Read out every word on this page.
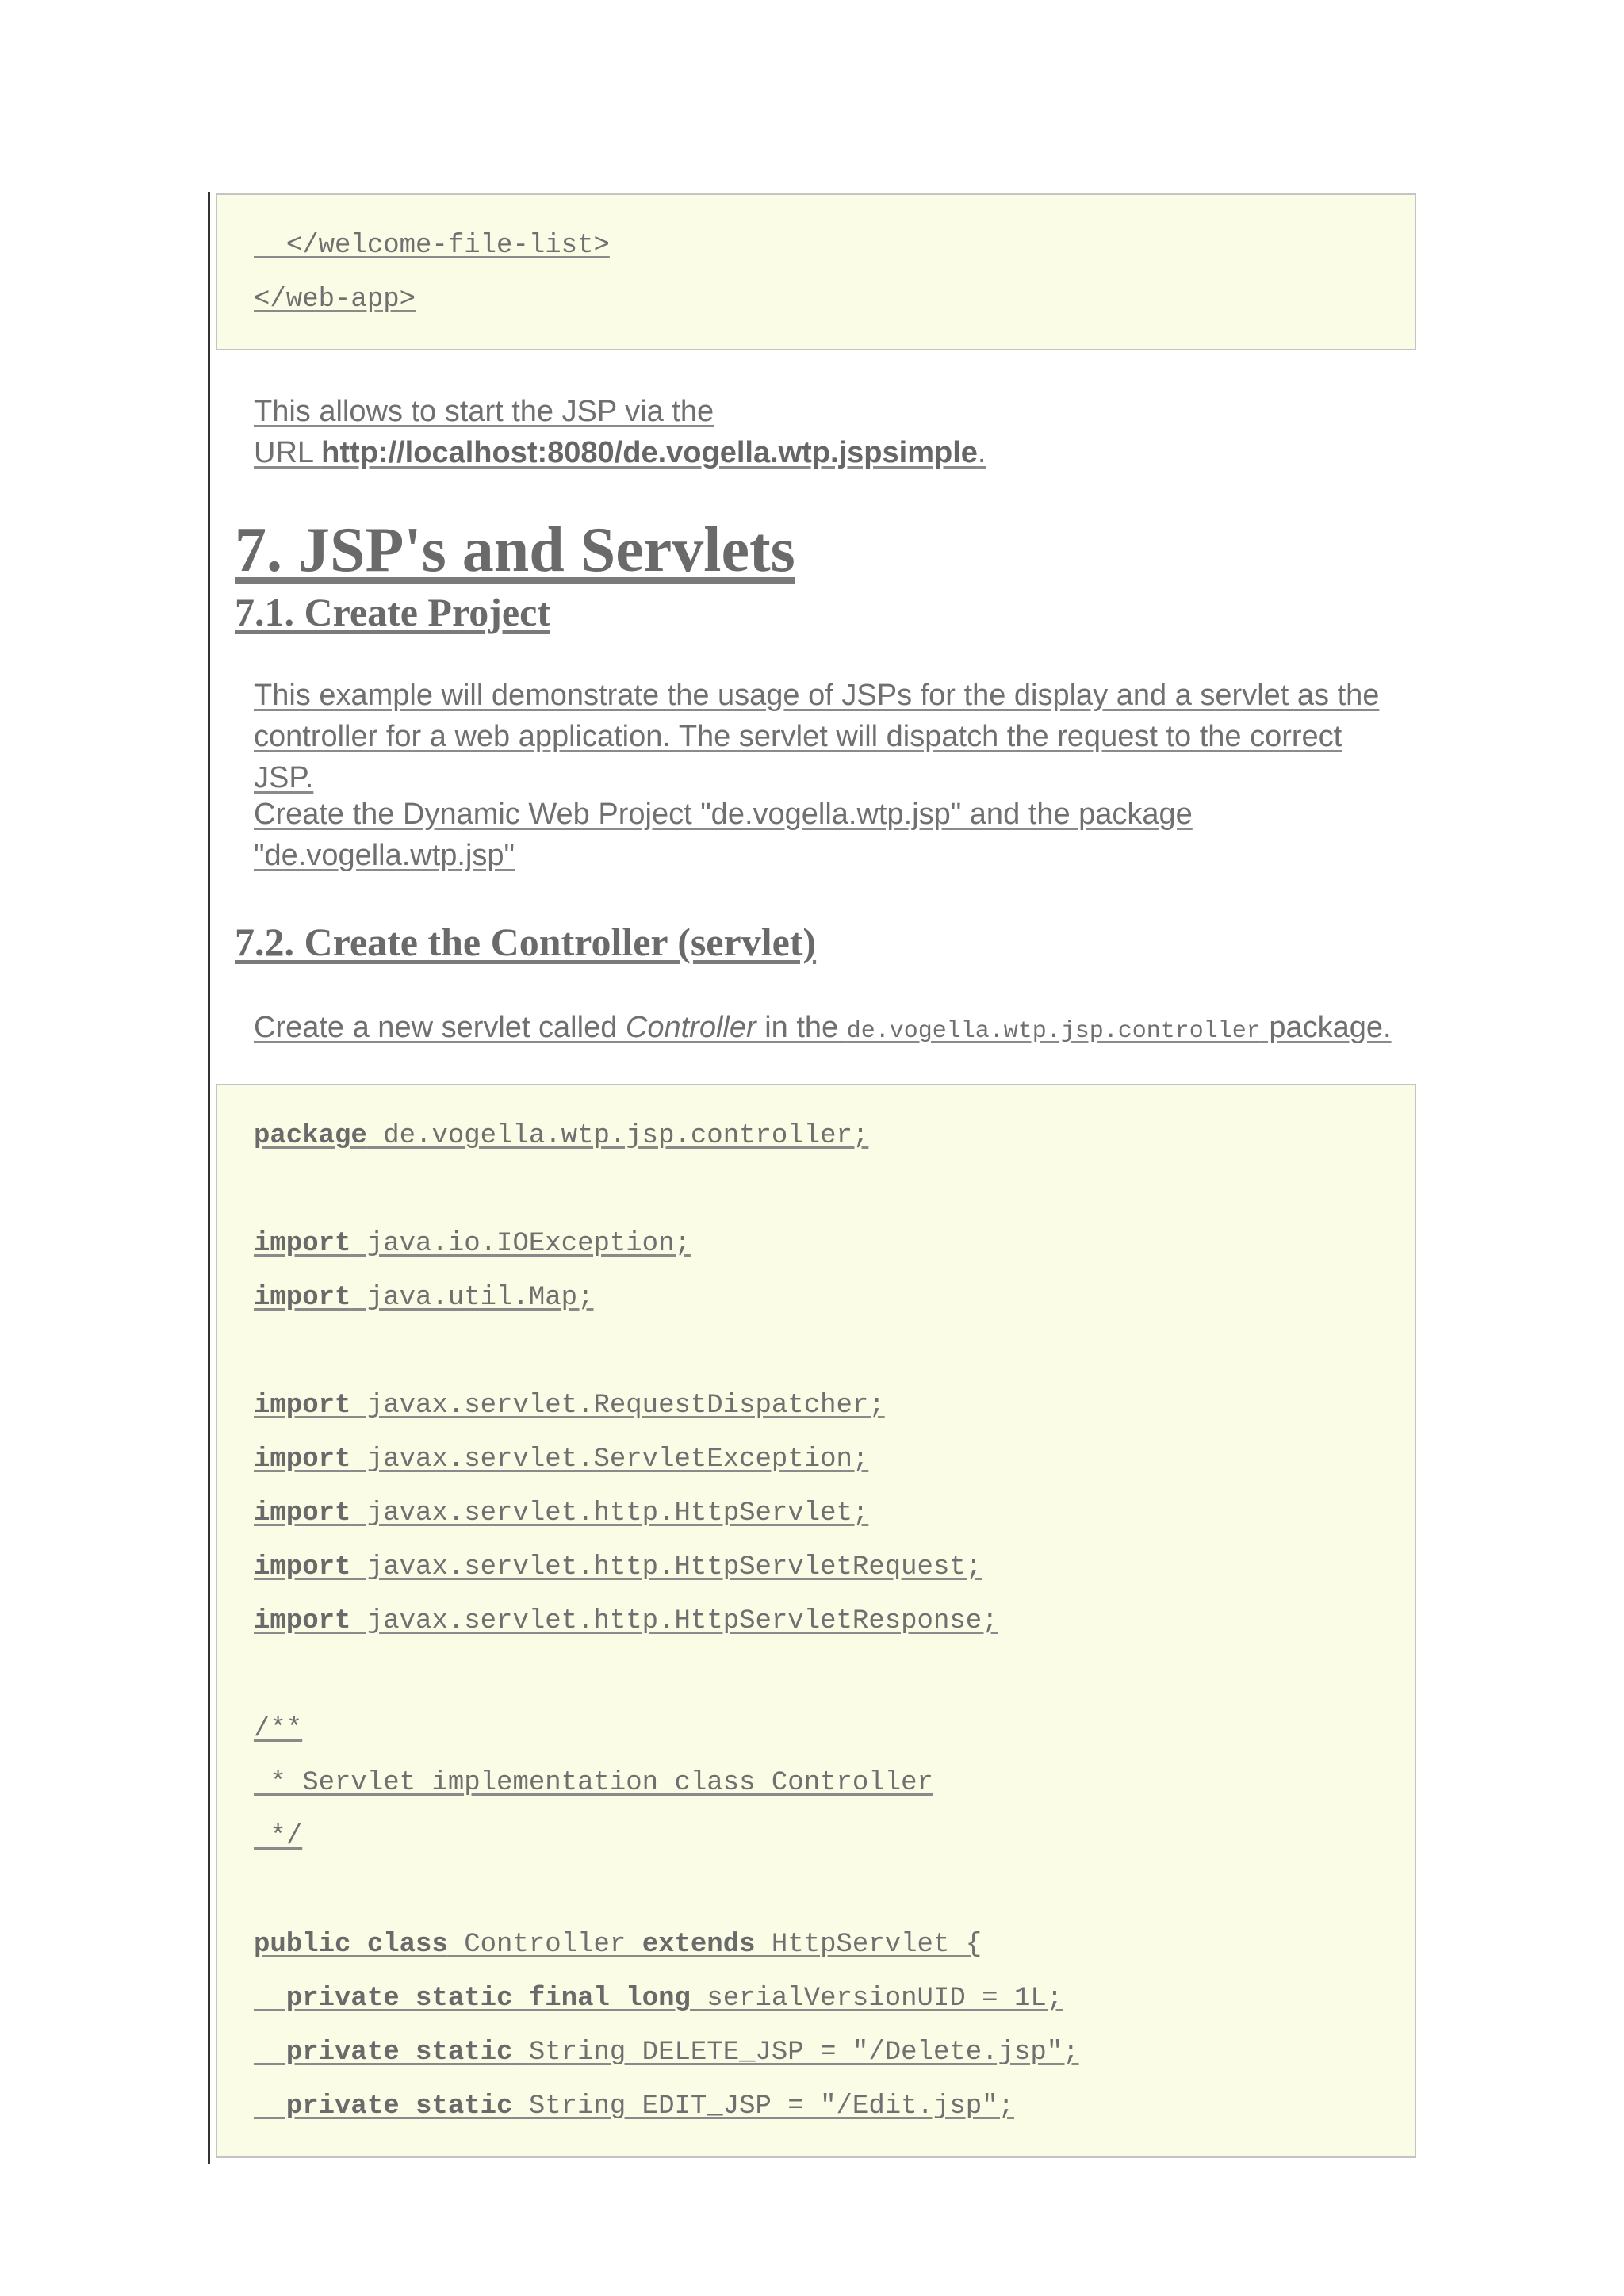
</welcome-file-list>
</web-app>
This allows to start the JSP via the
URL http://localhost:8080/de.vogella.wtp.jspsimple.
7. JSP's and Servlets
7.1. Create Project
This example will demonstrate the usage of JSPs for the display and a servlet as the
controller for a web application. The servlet will dispatch the request to the correct JSP.
Create the Dynamic Web Project "de.vogella.wtp.jsp" and the package
"de.vogella.wtp.jsp"
7.2. Create the Controller (servlet)
Create a new servlet called Controller in the de.vogella.wtp.jsp.controller package.
package de.vogella.wtp.jsp.controller;
import java.io.IOException;
import java.util.Map;
import javax.servlet.RequestDispatcher;
import javax.servlet.ServletException;
import javax.servlet.http.HttpServlet;
import javax.servlet.http.HttpServletRequest;
import javax.servlet.http.HttpServletResponse;
/**
* Servlet implementation class Controller
*/
public class Controller extends HttpServlet {
private static final long serialVersionUID = 1L;
private static String DELETE_JSP = "/Delete.jsp";
private static String EDIT_JSP = "/Edit.jsp";
